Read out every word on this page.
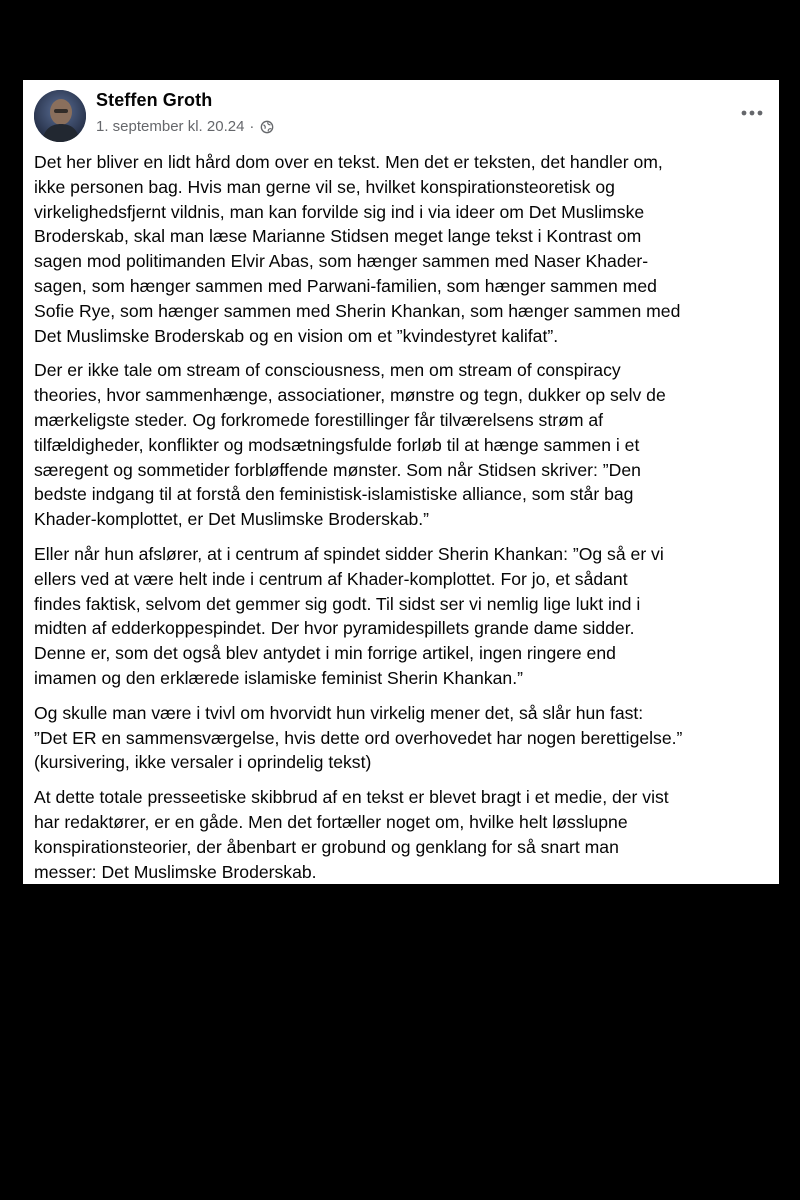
Steffen Groth
1. september kl. 20.24 ·

Det her bliver en lidt hård dom over en tekst. Men det er teksten, det handler om,
ikke personen bag. Hvis man gerne vil se, hvilket konspirationsteoretisk og
virkelighedsfjernt vildnis, man kan forvilde sig ind i via ideer om Det Muslimske
Broderskab, skal man læse Marianne Stidsen meget lange tekst i Kontrast om
sagen mod politimanden Elvir Abas, som hænger sammen med Naser Khader-
sagen, som hænger sammen med Parwani-familien, som hænger sammen med
Sofie Rye, som hænger sammen med Sherin Khankan, som hænger sammen med
Det Muslimske Broderskab og en vision om et ”kvindestyret kalifat”.

Der er ikke tale om stream of consciousness, men om stream of conspiracy
theories, hvor sammenhænge, associationer, mønstre og tegn, dukker op selv de
mærkeligste steder. Og forkromede forestillinger får tilværelsens strøm af
tilfældigheder, konflikter og modsætningsfulde forløb til at hænge sammen i et
særegent og sommetider forbløffende mønster. Som når Stidsen skriver: ”Den
bedste indgang til at forstå den feministisk-islamistiske alliance, som står bag
Khader-komplottet, er Det Muslimske Broderskab.”

Eller når hun afslører, at i centrum af spindet sidder Sherin Khankan: ”Og så er vi
ellers ved at være helt inde i centrum af Khader-komplottet. For jo, et sådant
findes faktisk, selvom det gemmer sig godt. Til sidst ser vi nemlig lige lukt ind i
midten af edderkoppespindet. Der hvor pyramidespillets grande dame sidder.
Denne er, som det også blev antydet i min forrige artikel, ingen ringere end
imamen og den erklærede islamiske feminist Sherin Khankan.”

Og skulle man være i tvivl om hvorvidt hun virkelig mener det, så slår hun fast:
”Det ER en sammensværgelse, hvis dette ord overhovedet har nogen berettigelse.”
(kursivering, ikke versaler i oprindelig tekst)

At dette totale presseetiske skibbrud af en tekst er blevet bragt i et medie, der vist
har redaktører, er en gåde. Men det fortæller noget om, hvilke helt løsslupne
konspirationsteorier, der åbenbart er grobund og genklang for så snart man
messer: Det Muslimske Broderskab.
